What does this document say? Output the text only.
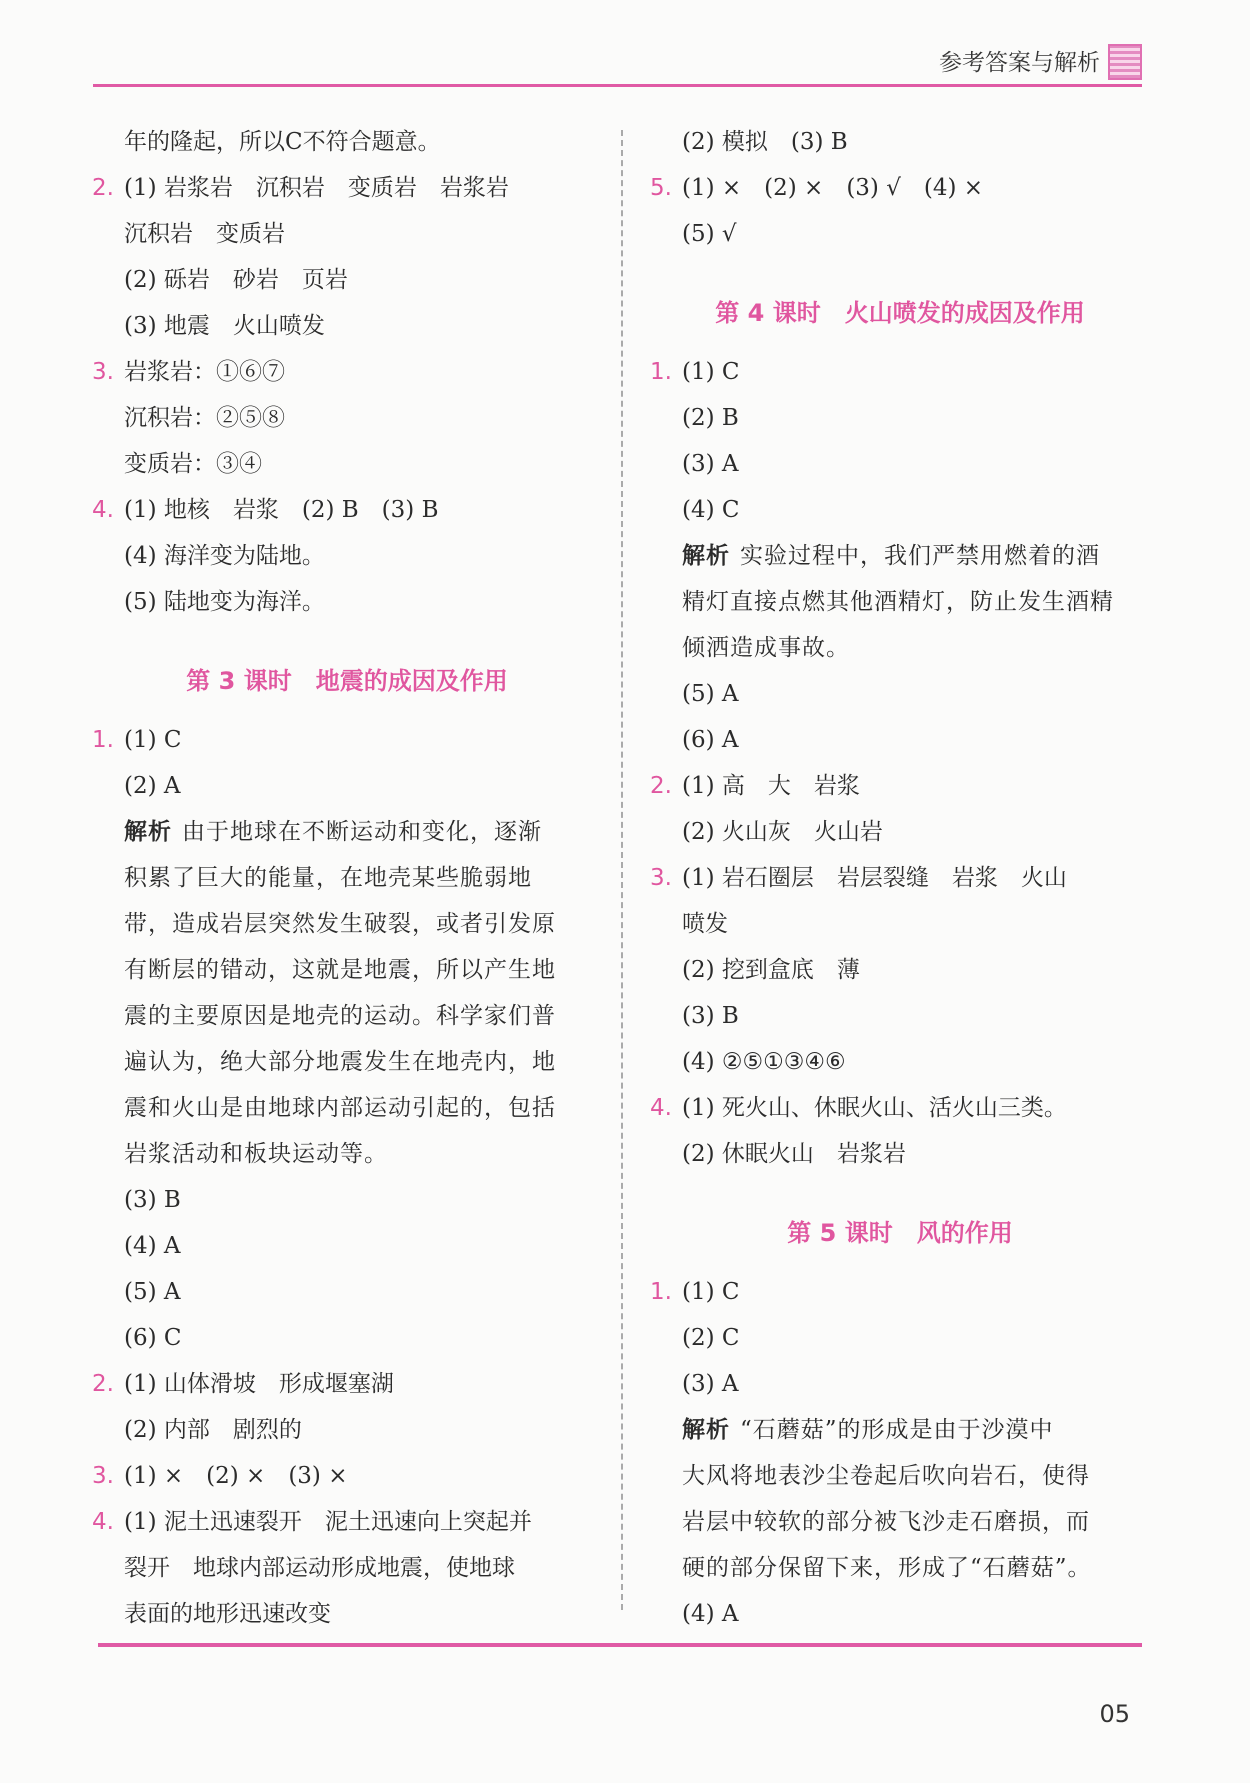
参考答案与解析
年的隆起，所以C不符合题意。
2. (1) 岩浆岩　沉积岩　变质岩　岩浆岩
沉积岩　变质岩
(2) 砾岩　砂岩　页岩
(3) 地震　火山喷发
3. 岩浆岩：①⑥⑦
沉积岩：②⑤⑧
变质岩：③④
4. (1) 地核　岩浆　(2) B　(3) B
(4) 海洋变为陆地。
(5) 陆地变为海洋。
第 3 课时　地震的成因及作用
1. (1) C
(2) A
解析 由于地球在不断运动和变化，逐渐
积累了巨大的能量，在地壳某些脆弱地
带，造成岩层突然发生破裂，或者引发原
有断层的错动，这就是地震，所以产生地
震的主要原因是地壳的运动。科学家们普
遍认为，绝大部分地震发生在地壳内，地
震和火山是由地球内部运动引起的，包括
岩浆活动和板块运动等。
(3) B
(4) A
(5) A
(6) C
2. (1) 山体滑坡　形成堰塞湖
(2) 内部　剧烈的
3. (1) ×　(2) ×　(3) ×
4. (1) 泥土迅速裂开　泥土迅速向上突起并
裂开　地球内部运动形成地震，使地球
表面的地形迅速改变
(2) 模拟　(3) B
5. (1) ×　(2) ×　(3) √　(4) ×
(5) √
第 4 课时　火山喷发的成因及作用
1. (1) C
(2) B
(3) A
(4) C
解析 实验过程中，我们严禁用燃着的酒
精灯直接点燃其他酒精灯，防止发生酒精
倾洒造成事故。
(5) A
(6) A
2. (1) 高　大　岩浆
(2) 火山灰　火山岩
3. (1) 岩石圈层　岩层裂缝　岩浆　火山
喷发
(2) 挖到盒底　薄
(3) B
(4) ②⑤①③④⑥
4. (1) 死火山、休眠火山、活火山三类。
(2) 休眠火山　岩浆岩
第 5 课时　风的作用
1. (1) C
(2) C
(3) A
解析 “石蘑菇”的形成是由于沙漠中
大风将地表沙尘卷起后吹向岩石，使得
岩层中较软的部分被飞沙走石磨损，而
硬的部分保留下来，形成了“石蘑菇”。
(4) A
05
